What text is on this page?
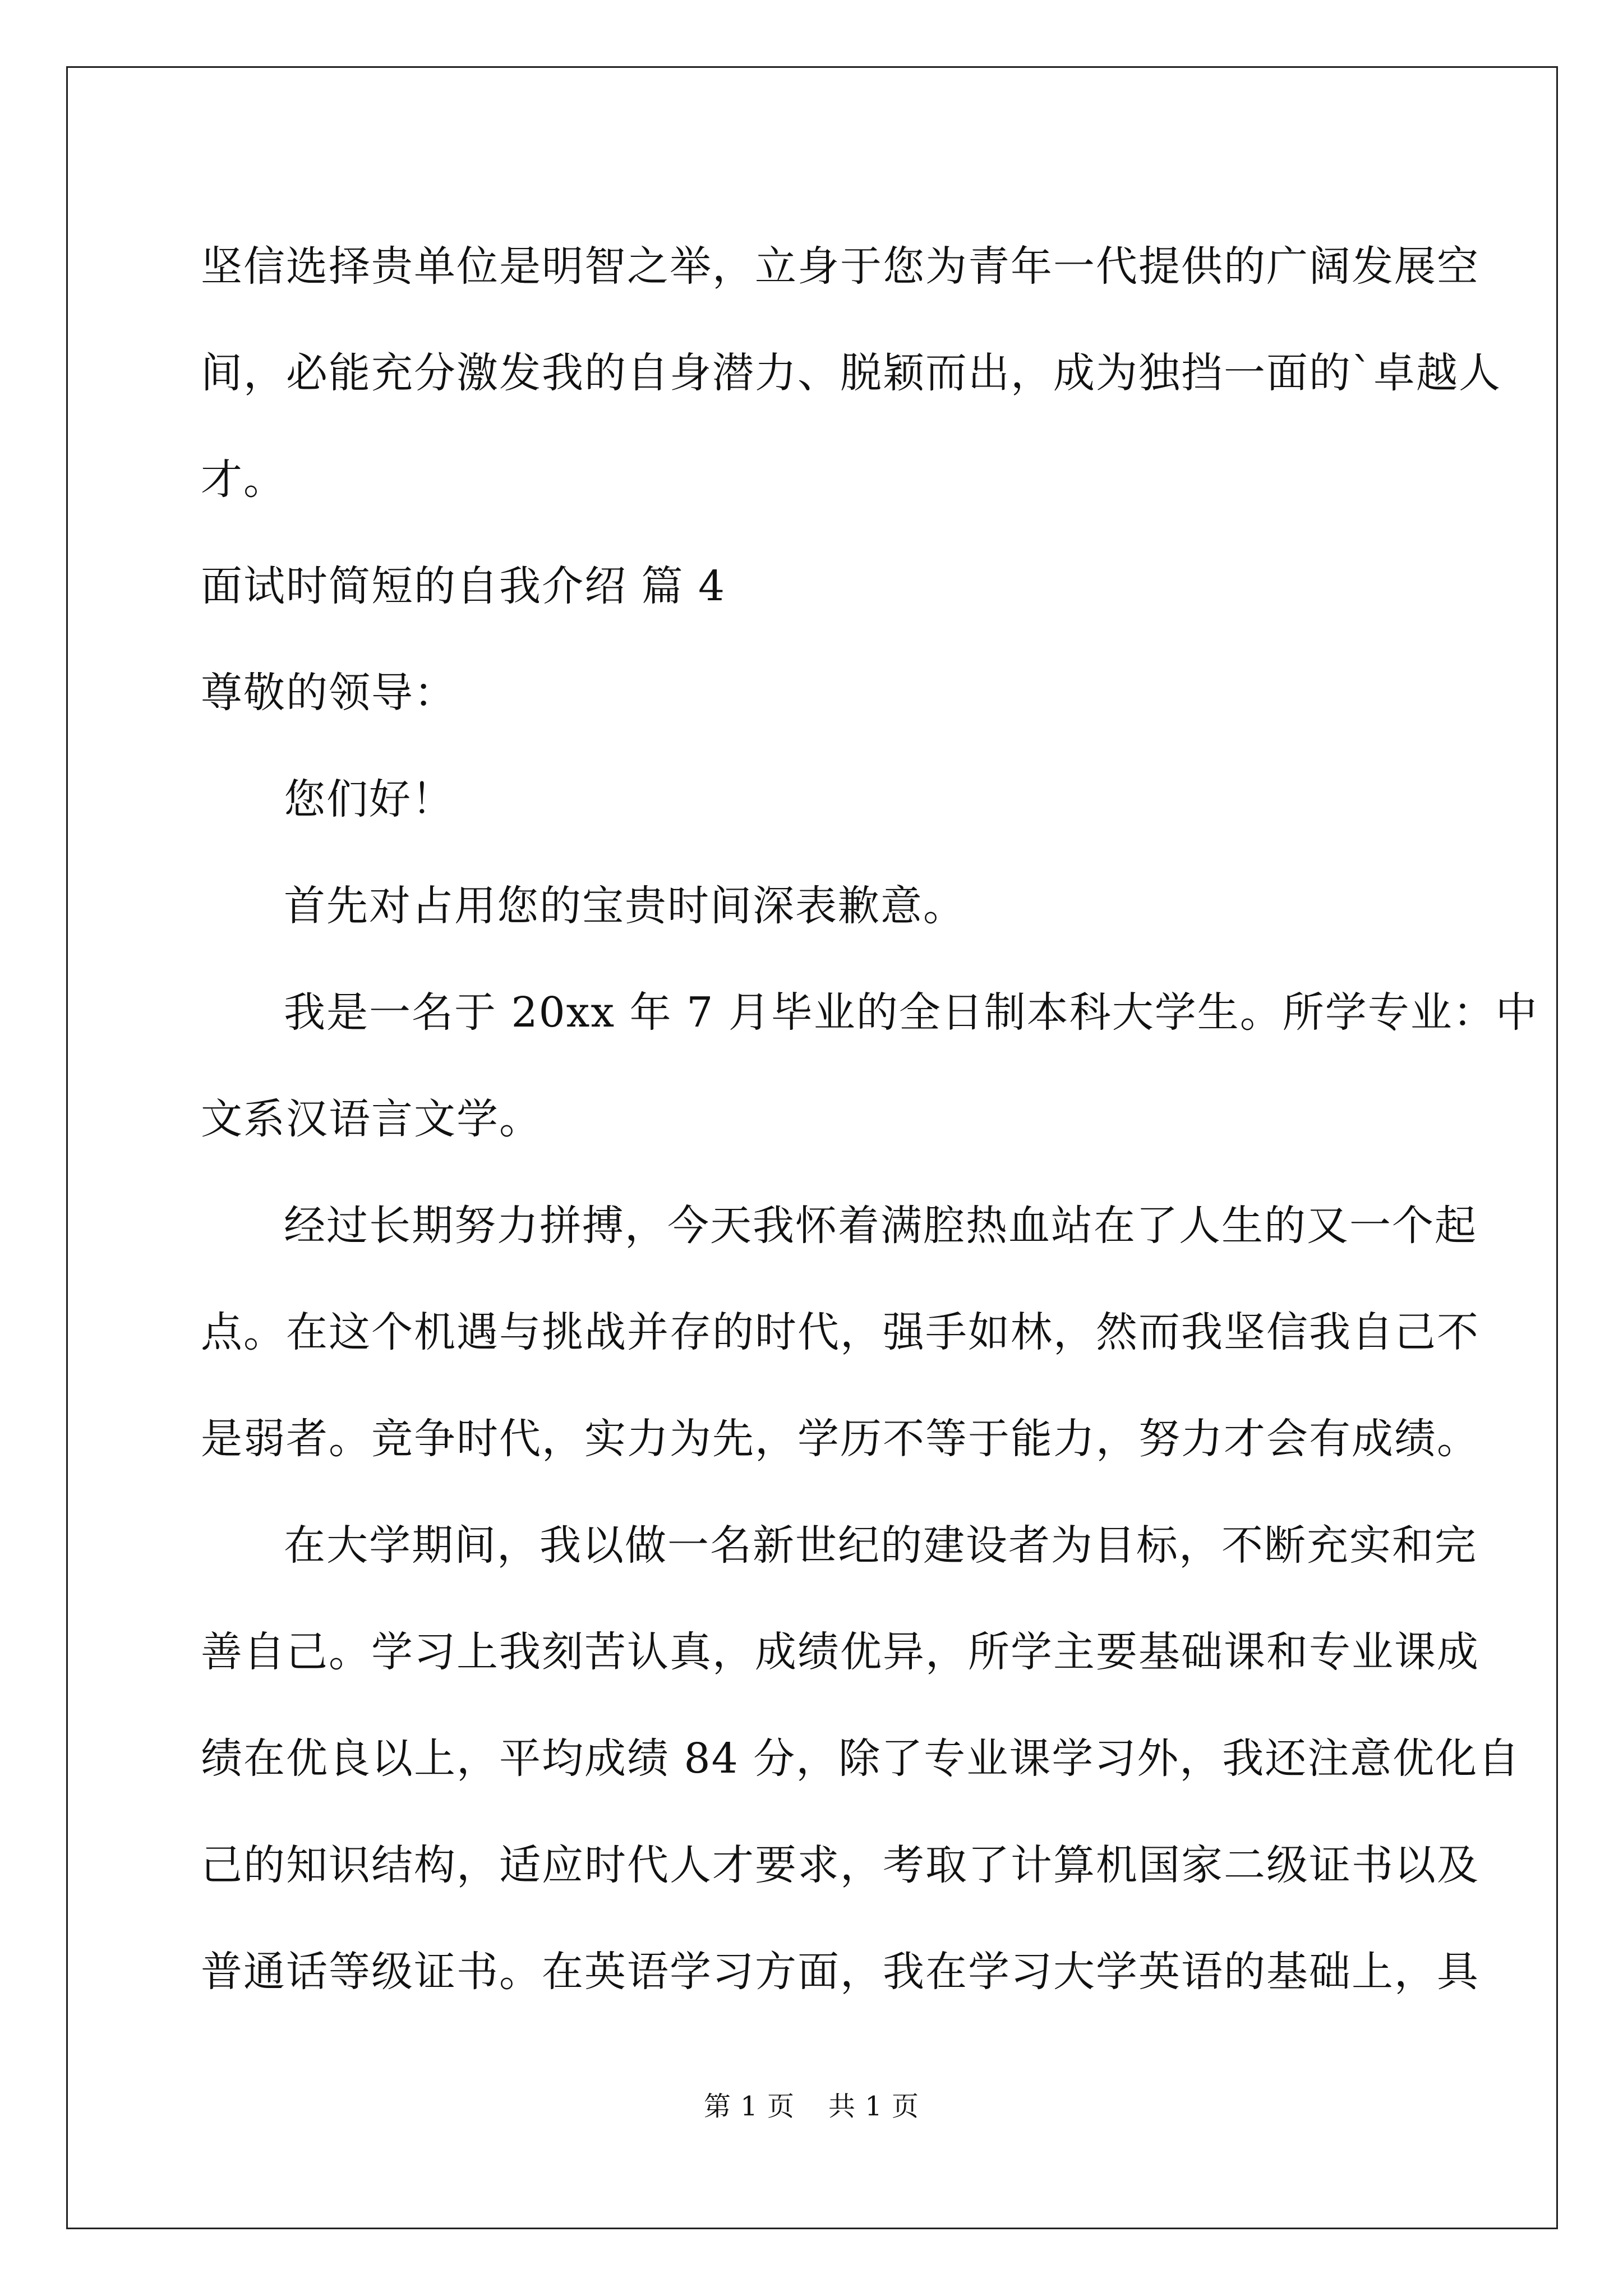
坚信选择贵单位是明智之举，立身于您为青年一代提供的广阔发展空
间，必能充分激发我的自身潜力、脱颖而出，成为独挡一面的`卓越人
才。
面试时简短的自我介绍 篇 4
尊敬的领导：
您们好！
首先对占用您的宝贵时间深表歉意。
我是一名于 20xx 年 7 月毕业的全日制本科大学生。所学专业：中
文系汉语言文学。
经过长期努力拼搏，今天我怀着满腔热血站在了人生的又一个起
点。在这个机遇与挑战并存的时代，强手如林，然而我坚信我自己不
是弱者。竞争时代，实力为先，学历不等于能力，努力才会有成绩。
在大学期间，我以做一名新世纪的建设者为目标，不断充实和完
善自己。学习上我刻苦认真，成绩优异，所学主要基础课和专业课成
绩在优良以上，平均成绩 84 分，除了专业课学习外，我还注意优化自
己的知识结构，适应时代人才要求，考取了计算机国家二级证书以及
普通话等级证书。在英语学习方面，我在学习大学英语的基础上，具
第 1 页 共 1 页
